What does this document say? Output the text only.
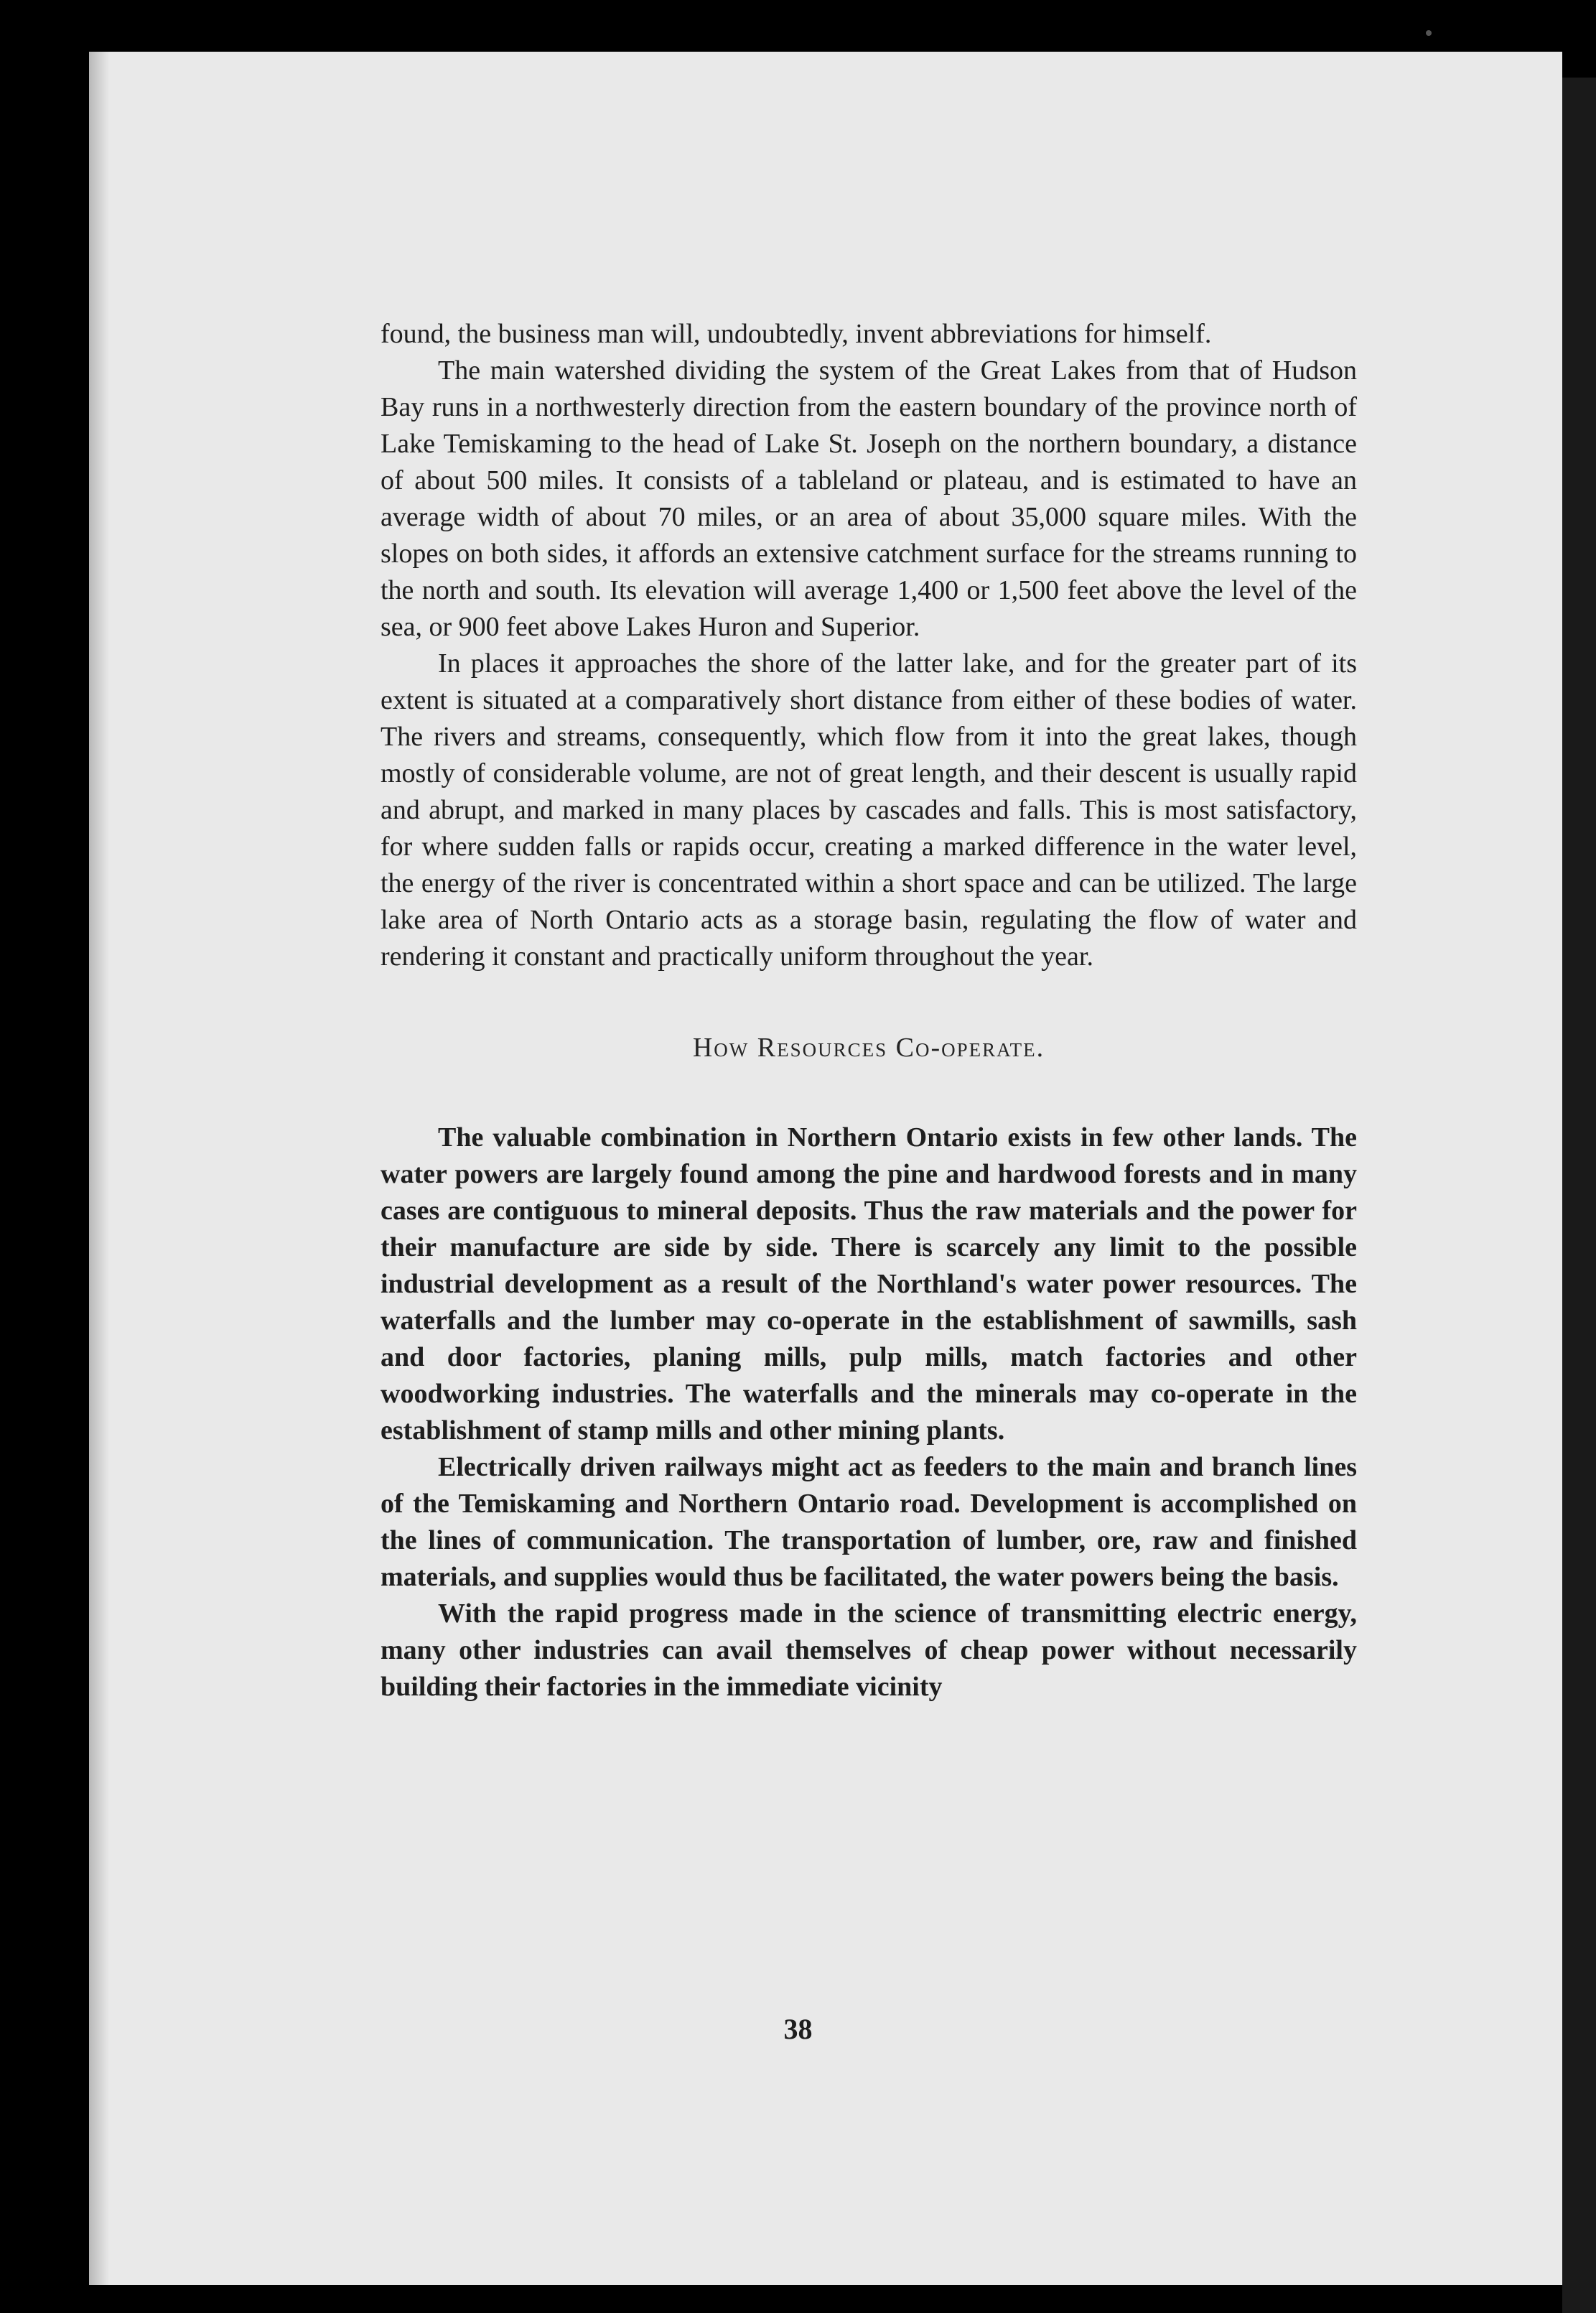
found, the business man will, undoubtedly, invent abbreviations for himself.

The main watershed dividing the system of the Great Lakes from that of Hudson Bay runs in a northwesterly direction from the eastern boundary of the province north of Lake Temiskaming to the head of Lake St. Joseph on the northern boundary, a distance of about 500 miles. It consists of a tableland or plateau, and is estimated to have an average width of about 70 miles, or an area of about 35,000 square miles. With the slopes on both sides, it affords an extensive catchment surface for the streams running to the north and south. Its elevation will average 1,400 or 1,500 feet above the level of the sea, or 900 feet above Lakes Huron and Superior.

In places it approaches the shore of the latter lake, and for the greater part of its extent is situated at a comparatively short distance from either of these bodies of water. The rivers and streams, consequently, which flow from it into the great lakes, though mostly of considerable volume, are not of great length, and their descent is usually rapid and abrupt, and marked in many places by cascades and falls. This is most satisfactory, for where sudden falls or rapids occur, creating a marked difference in the water level, the energy of the river is concentrated within a short space and can be utilized. The large lake area of North Ontario acts as a storage basin, regulating the flow of water and rendering it constant and practically uniform throughout the year.

How Resources Co-operate.

The valuable combination in Northern Ontario exists in few other lands. The water powers are largely found among the pine and hardwood forests and in many cases are contiguous to mineral deposits. Thus the raw materials and the power for their manufacture are side by side. There is scarcely any limit to the possible industrial development as a result of the Northland's water power resources. The waterfalls and the lumber may co-operate in the establishment of sawmills, sash and door factories, planing mills, pulp mills, match factories and other woodworking industries. The waterfalls and the minerals may co-operate in the establishment of stamp mills and other mining plants.

Electrically driven railways might act as feeders to the main and branch lines of the Temiskaming and Northern Ontario road. Development is accomplished on the lines of communication. The transportation of lumber, ore, raw and finished materials, and supplies would thus be facilitated, the water powers being the basis.

With the rapid progress made in the science of transmitting electric energy, many other industries can avail themselves of cheap power without necessarily building their factories in the immediate vicinity

38
